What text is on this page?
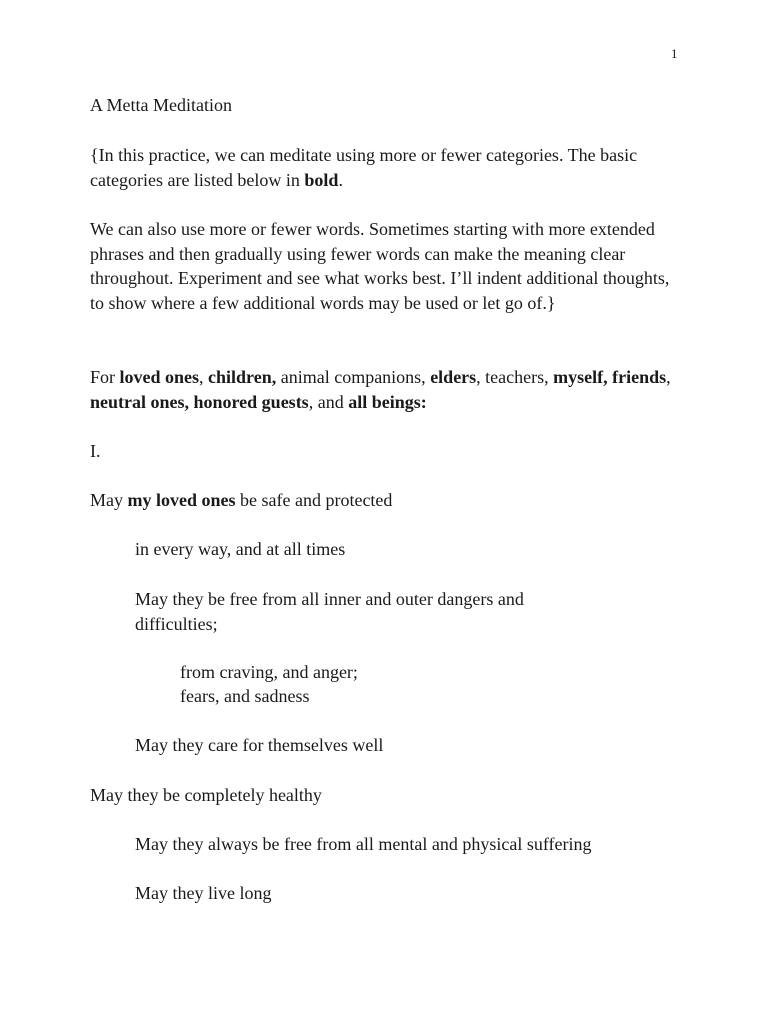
1

A Metta Meditation

{In this practice, we can meditate using more or fewer categories. The basic categories are listed below in bold.

We can also use more or fewer words. Sometimes starting with more extended phrases and then gradually using fewer words can make the meaning clear throughout. Experiment and see what works best. I’ll indent additional thoughts, to show where a few additional words may be used or let go of.}

For loved ones, children, animal companions, elders, teachers, myself, friends, neutral ones, honored guests, and all beings:

I.

May my loved ones be safe and protected

in every way, and at all times

May they be free from all inner and outer dangers and difficulties;

from craving, and anger;

fears, and sadness

May they care for themselves well

May they be completely healthy

May they always be free from all mental and physical suffering

May they live long
